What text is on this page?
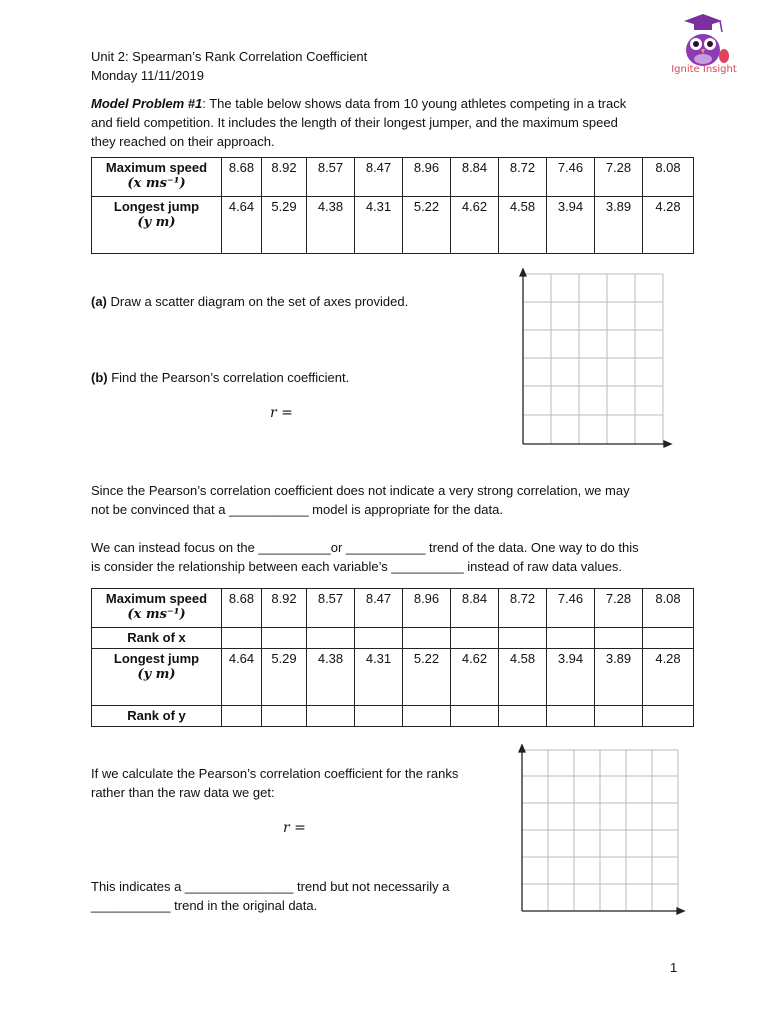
Unit 2: Spearman’s Rank Correlation Coefficient
Monday 11/11/2019	Ignite Insight
Model Problem #1: The table below shows data from 10 young athletes competing in a track
and field competition. It includes the length of their longest jumper, and the maximum speed
they reached on their approach.
Maximum speed
(x ms⁻¹)	8.68	8.92	8.57	8.47	8.96	8.84	8.72	7.46	7.28	8.08

Longest jump
(y m)	4.64	5.29	4.38	4.31	5.22	4.62	4.58	3.94	3.89	4.28
(a) Draw a scatter diagram on the set of axes provided.
(b) Find the Pearson’s correlation coefficient.
r =
Since the Pearson’s correlation coefficient does not indicate a very strong correlation, we may
not be convinced that a ___________ model is appropriate for the data.
We can instead focus on the __________or ___________ trend of the data. One way to do this
is consider the relationship between each variable’s __________ instead of raw data values.
Maximum speed
(x ms⁻¹)	8.68	8.92	8.57	8.47	8.96	8.84	8.72	7.46	7.28	8.08
Rank of x										

Longest jump
(y m)	4.64	5.29	4.38	4.31	5.22	4.62	4.58	3.94	3.89	4.28
Rank of y										
If we calculate the Pearson’s correlation coefficient for the ranks
rather than the raw data we get:
r =
This indicates a _______________ trend but not necessarily a
___________ trend in the original data.
1
